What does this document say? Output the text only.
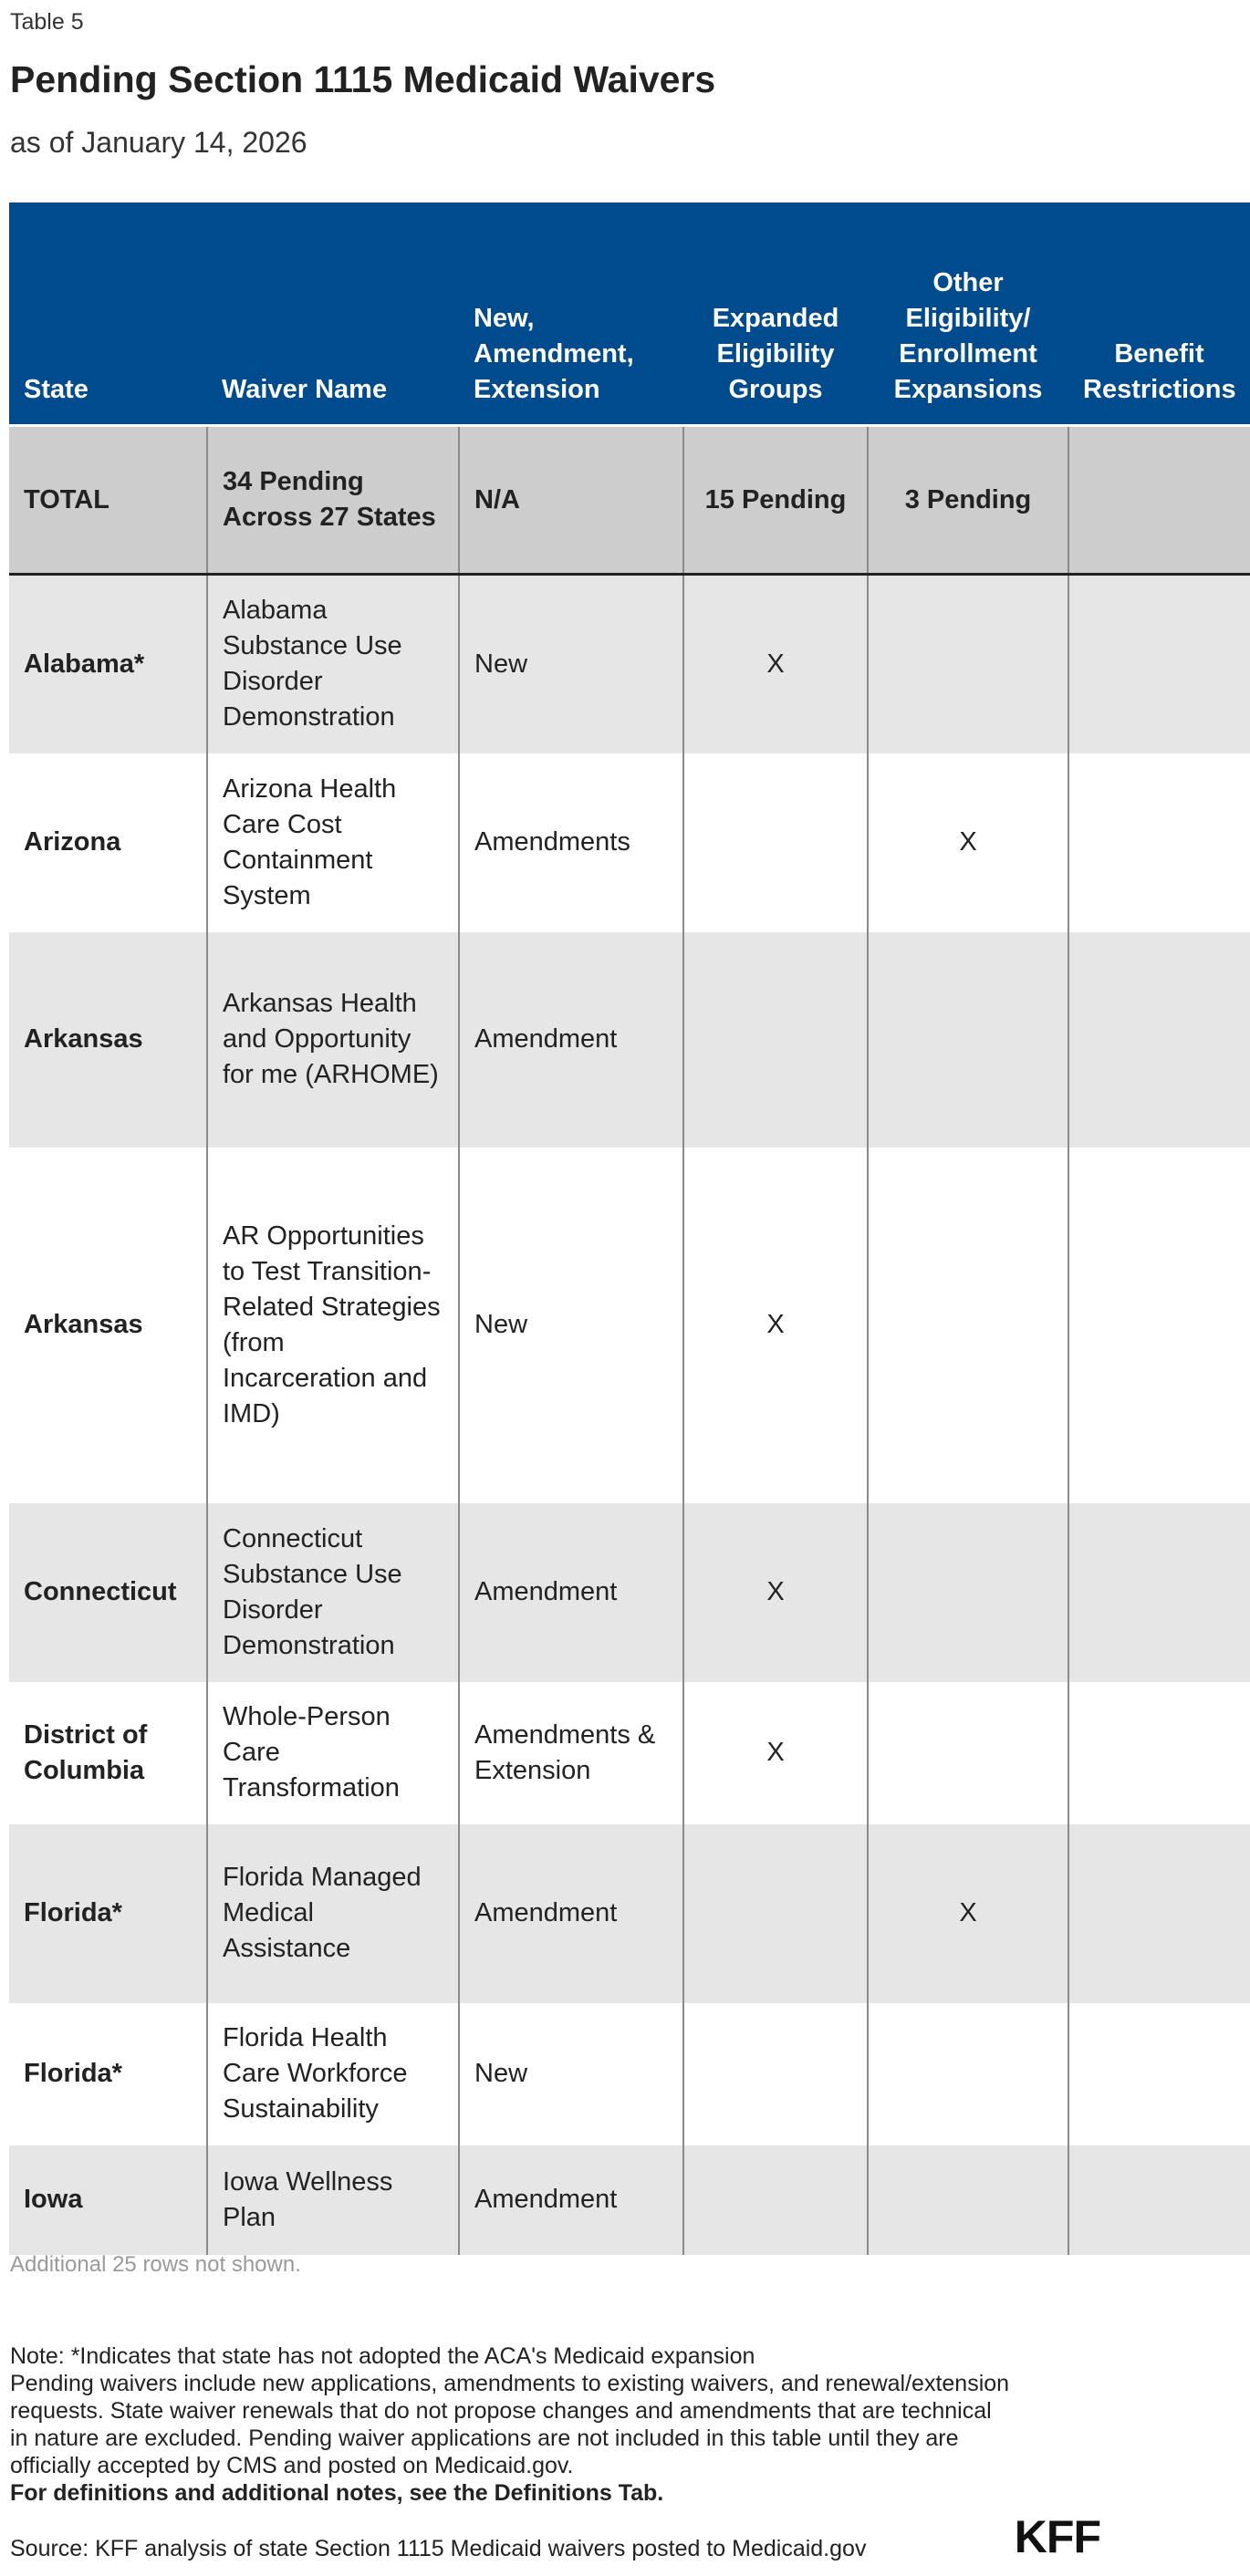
Table 5
Pending Section 1115 Medicaid Waivers
as of January 14, 2026
State	Waiver Name	New, Amendment, Extension	Expanded Eligibility Groups	Other Eligibility/ Enrollment Expansions	Benefit Restrictions
TOTAL	34 Pending Across 27 States	N/A	15 Pending	3 Pending	
Alabama*	Alabama Substance Use Disorder Demonstration	New	X		
Arizona	Arizona Health Care Cost Containment System	Amendments		X	
Arkansas	Arkansas Health and Opportunity for me (ARHOME)	Amendment			
Arkansas	AR Opportunities to Test Transition-Related Strategies (from Incarceration and IMD)	New	X		
Connecticut	Connecticut Substance Use Disorder Demonstration	Amendment	X		
District of Columbia	Whole-Person Care Transformation	Amendments & Extension	X		
Florida*	Florida Managed Medical Assistance	Amendment		X	
Florida*	Florida Health Care Workforce Sustainability	New			
Iowa	Iowa Wellness Plan	Amendment			
Additional 25 rows not shown.

Note: *Indicates that state has not adopted the ACA's Medicaid expansion

Pending waivers include new applications, amendments to existing waivers, and renewal/extension requests. State waiver renewals that do not propose changes and amendments that are technical in nature are excluded. Pending waiver applications are not included in this table until they are officially accepted by CMS and posted on Medicaid.gov.

For definitions and additional notes, see the Definitions Tab.

Source: KFF analysis of state Section 1115 Medicaid waivers posted to Medicaid.gov	KFF
